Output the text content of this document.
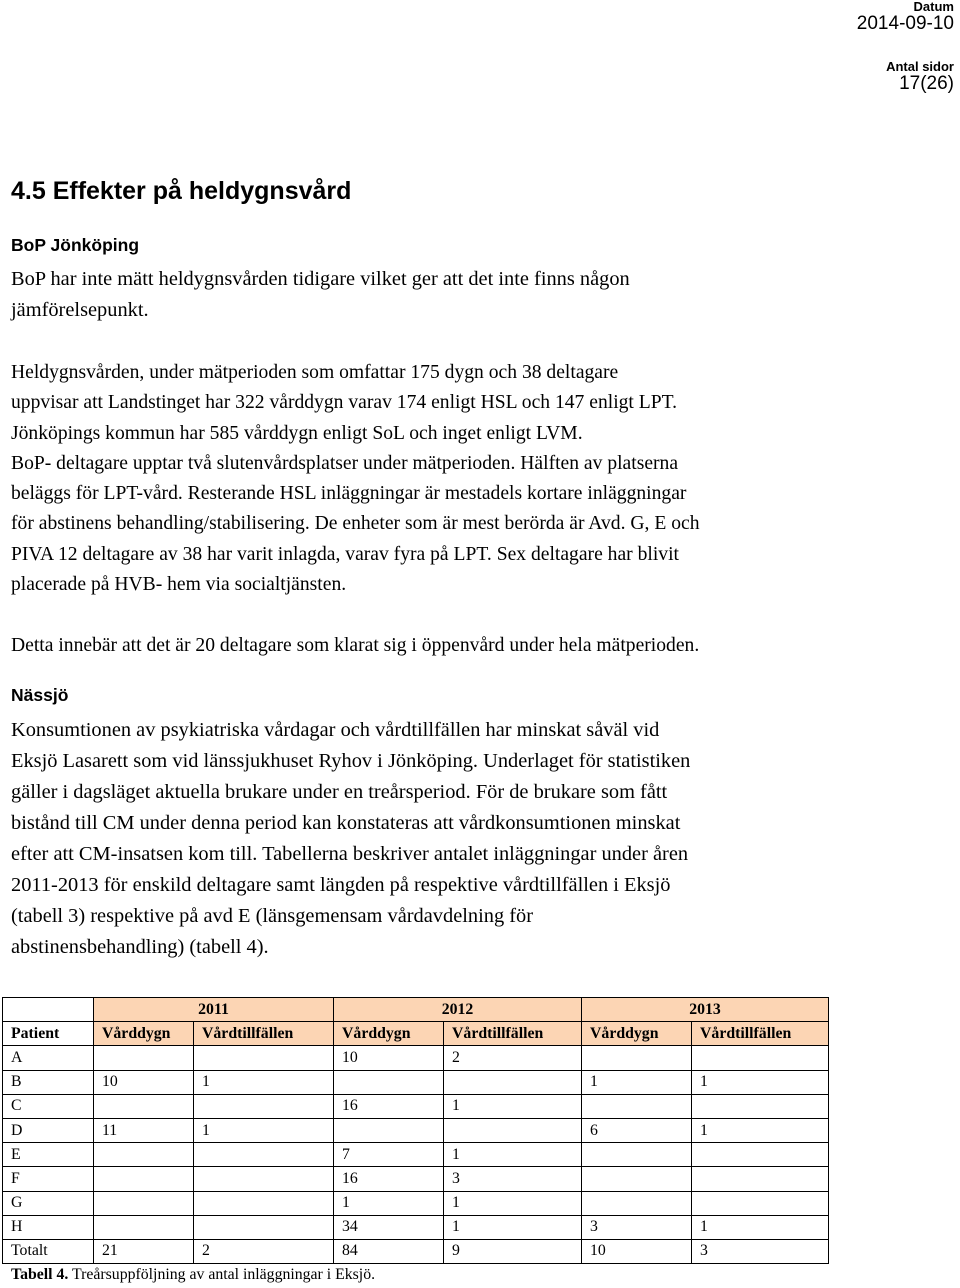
Datum
2014-09-10
Antal sidor
17(26)
4.5 Effekter på heldygnsvård
BoP Jönköping
BoP har inte mätt heldygnsvården tidigare vilket ger att det inte finns någon
jämförelsepunkt.
Heldygnsvården, under mätperioden som omfattar 175 dygn och 38 deltagare
uppvisar att Landstinget har 322 vårddygn varav 174 enligt HSL och 147 enligt LPT.
Jönköpings kommun har 585 vårddygn enligt SoL och inget enligt LVM.
BoP- deltagare upptar två slutenvårdsplatser under mätperioden. Hälften av platserna
beläggs för LPT-vård. Resterande HSL inläggningar är mestadels kortare inläggningar
för abstinens behandling/stabilisering. De enheter som är mest berörda är Avd. G, E och
PIVA 12 deltagare av 38 har varit inlagda, varav fyra på LPT. Sex deltagare har blivit
placerade på HVB- hem via socialtjänsten.
Detta innebär att det är 20 deltagare som klarat sig i öppenvård under hela mätperioden.
Nässjö
Konsumtionen av psykiatriska vårdagar och vårdtillfällen har minskat såväl vid
Eksjö Lasarett som vid länssjukhuset Ryhov i Jönköping. Underlaget för statistiken
gäller i dagsläget aktuella brukare under en treårsperiod. För de brukare som fått
bistånd till CM under denna period kan konstateras att vårdkonsumtionen minskat
efter att CM-insatsen kom till. Tabellerna beskriver antalet inläggningar under åren
2011-2013 för enskild deltagare samt längden på respektive vårdtillfällen i Eksjö
(tabell 3) respektive på avd E (länsgemensam vårdavdelning för
abstinensbehandling) (tabell 4).
	2011		2012		2013	
Patient	Vårddygn	Vårdtillfällen	Vårddygn	Vårdtillfällen	Vårddygn	Vårdtillfällen
A			10	2		
B	10	1			1	1
C			16	1		
D	11	1			6	1
E			7	1		
F			16	3		
G			1	1		
H			34	1	3	1
Totalt	21	2	84	9	10	3
Tabell 4. Treårsuppföljning av antal inläggningar i Eksjö.
